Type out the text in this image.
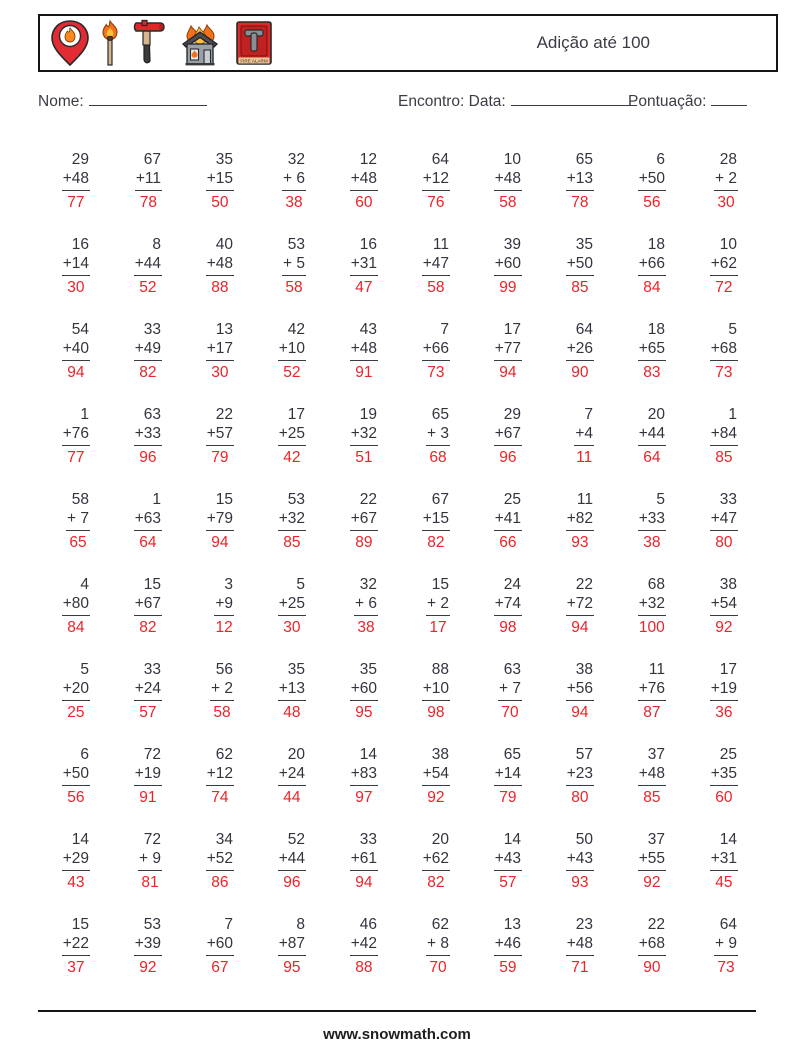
FIRE ALARM
Adição até 100
Nome:	Encontro: Data:	Pontuação:
29
+48
77
67
+11
78
35
+15
50
32
+ 6
38
12
+48
60
64
+12
76
10
+48
58
65
+13
78
6
+50
56
28
+ 2
30
16
+14
30
8
+44
52
40
+48
88
53
+ 5
58
16
+31
47
11
+47
58
39
+60
99
35
+50
85
18
+66
84
10
+62
72
54
+40
94
33
+49
82
13
+17
30
42
+10
52
43
+48
91
7
+66
73
17
+77
94
64
+26
90
18
+65
83
5
+68
73
1
+76
77
63
+33
96
22
+57
79
17
+25
42
19
+32
51
65
+ 3
68
29
+67
96
7
+4
11
20
+44
64
1
+84
85
58
+ 7
65
1
+63
64
15
+79
94
53
+32
85
22
+67
89
67
+15
82
25
+41
66
11
+82
93
5
+33
38
33
+47
80
4
+80
84
15
+67
82
3
+9
12
5
+25
30
32
+ 6
38
15
+ 2
17
24
+74
98
22
+72
94
68
+32
100
38
+54
92
5
+20
25
33
+24
57
56
+ 2
58
35
+13
48
35
+60
95
88
+10
98
63
+ 7
70
38
+56
94
11
+76
87
17
+19
36
6
+50
56
72
+19
91
62
+12
74
20
+24
44
14
+83
97
38
+54
92
65
+14
79
57
+23
80
37
+48
85
25
+35
60
14
+29
43
72
+ 9
81
34
+52
86
52
+44
96
33
+61
94
20
+62
82
14
+43
57
50
+43
93
37
+55
92
14
+31
45
15
+22
37
53
+39
92
7
+60
67
8
+87
95
46
+42
88
62
+ 8
70
13
+46
59
23
+48
71
22
+68
90
64
+ 9
73
www.snowmath.com
